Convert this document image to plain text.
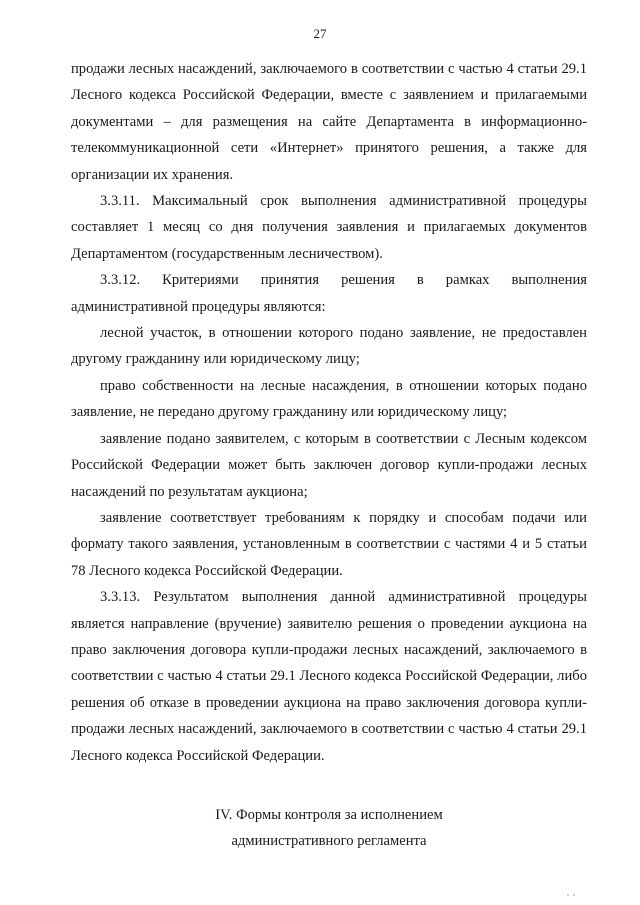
27

продажи лесных насаждений, заключаемого в соответствии с частью 4 статьи 29.1 Лесного кодекса Российской Федерации, вместе с заявлением и прилагаемыми документами – для размещения на сайте Департамента в информационно-телекоммуникационной сети «Интернет» принятого решения, а также для организации их хранения.

3.3.11. Максимальный срок выполнения административной процедуры составляет 1 месяц со дня получения заявления и прилагаемых документов Департаментом (государственным лесничеством).

3.3.12. Критериями принятия решения в рамках выполнения административной процедуры являются:

лесной участок, в отношении которого подано заявление, не предоставлен другому гражданину или юридическому лицу;

право собственности на лесные насаждения, в отношении которых подано заявление, не передано другому гражданину или юридическому лицу;

заявление подано заявителем, с которым в соответствии с Лесным кодексом Российской Федерации может быть заключен договор купли-продажи лесных насаждений по результатам аукциона;

заявление соответствует требованиям к порядку и способам подачи или формату такого заявления, установленным в соответствии с частями 4 и 5 статьи 78 Лесного кодекса Российской Федерации.

3.3.13. Результатом выполнения данной административной процедуры является направление (вручение) заявителю решения о проведении аукциона на право заключения договора купли-продажи лесных насаждений, заключаемого в соответствии с частью 4 статьи 29.1 Лесного кодекса Российской Федерации, либо решения об отказе в проведении аукциона на право заключения договора купли-продажи лесных насаждений, заключаемого в соответствии с частью 4 статьи 29.1 Лесного кодекса Российской Федерации.

IV. Формы контроля за исполнением
административного регламента
